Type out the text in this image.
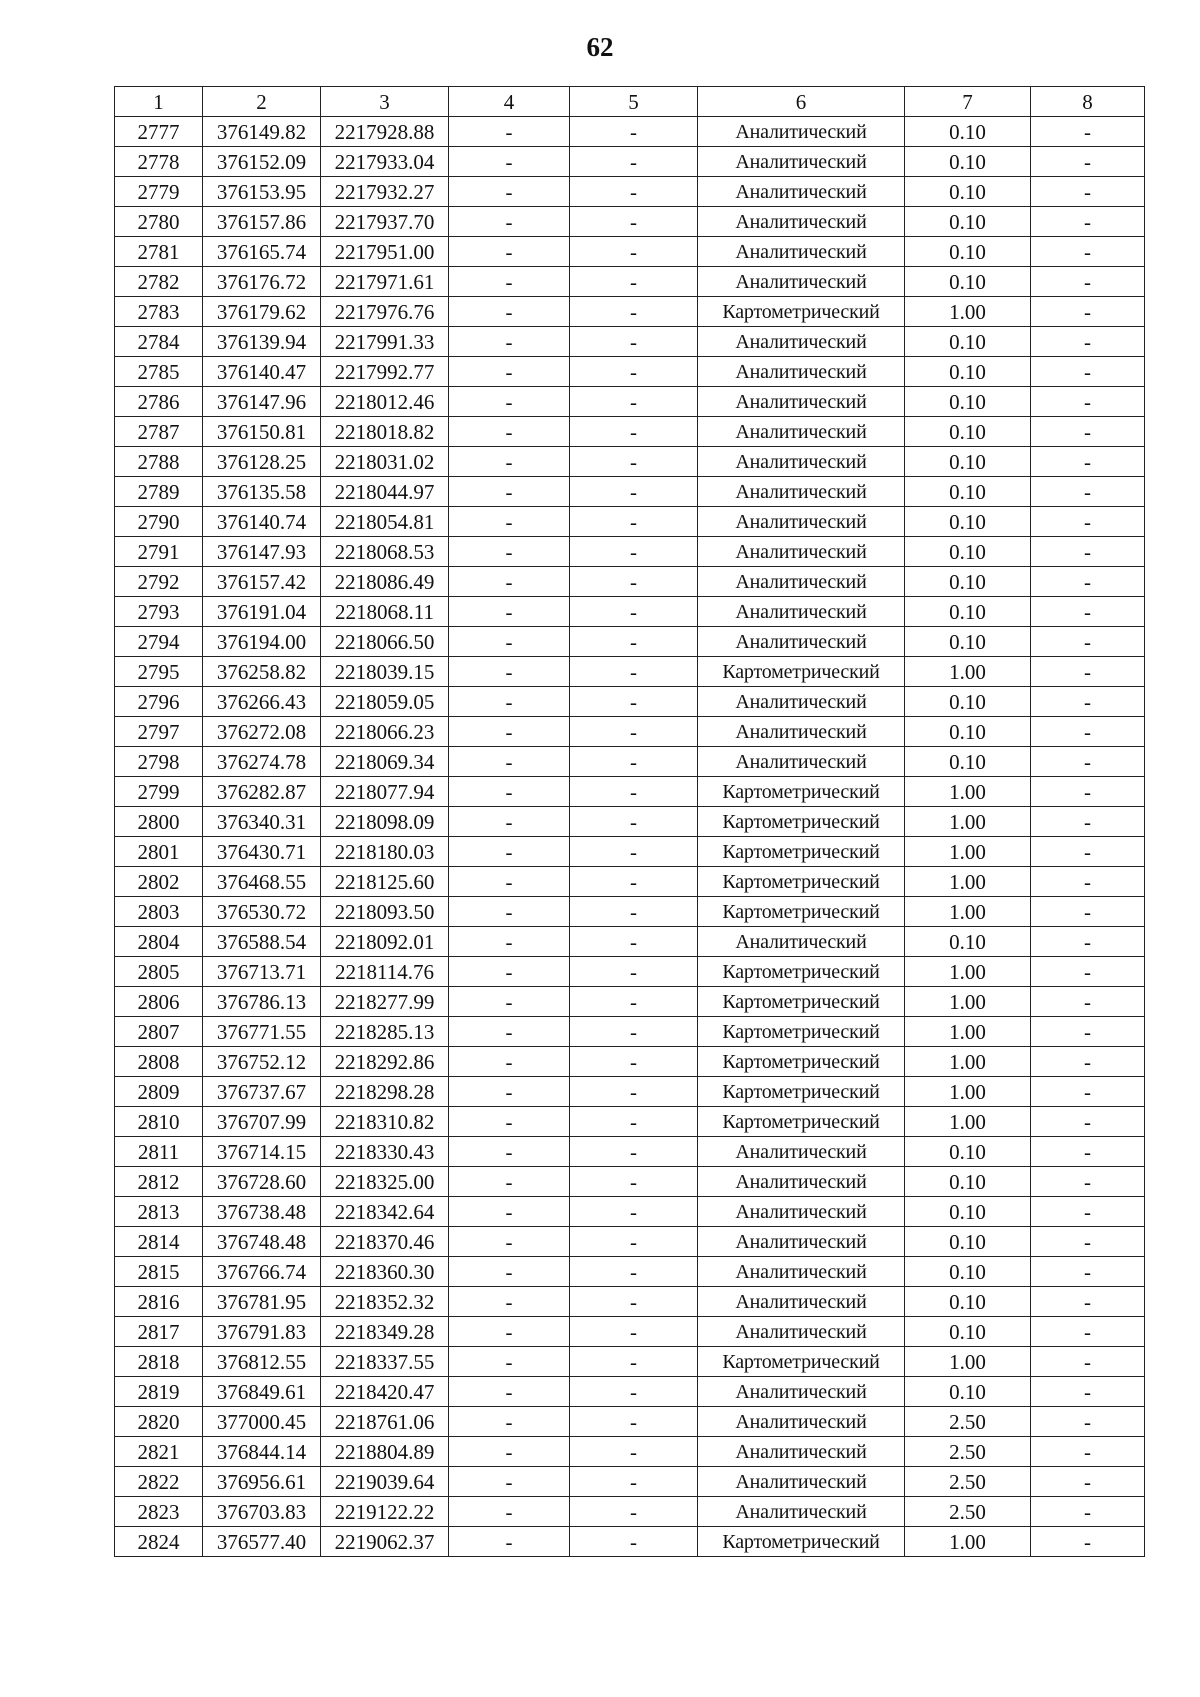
62
1	2	3	4	5	6	7	8
2777	376149.82	2217928.88	-	-	Аналитический	0.10	-
2778	376152.09	2217933.04	-	-	Аналитический	0.10	-
2779	376153.95	2217932.27	-	-	Аналитический	0.10	-
2780	376157.86	2217937.70	-	-	Аналитический	0.10	-
2781	376165.74	2217951.00	-	-	Аналитический	0.10	-
2782	376176.72	2217971.61	-	-	Аналитический	0.10	-
2783	376179.62	2217976.76	-	-	Картометрический	1.00	-
2784	376139.94	2217991.33	-	-	Аналитический	0.10	-
2785	376140.47	2217992.77	-	-	Аналитический	0.10	-
2786	376147.96	2218012.46	-	-	Аналитический	0.10	-
2787	376150.81	2218018.82	-	-	Аналитический	0.10	-
2788	376128.25	2218031.02	-	-	Аналитический	0.10	-
2789	376135.58	2218044.97	-	-	Аналитический	0.10	-
2790	376140.74	2218054.81	-	-	Аналитический	0.10	-
2791	376147.93	2218068.53	-	-	Аналитический	0.10	-
2792	376157.42	2218086.49	-	-	Аналитический	0.10	-
2793	376191.04	2218068.11	-	-	Аналитический	0.10	-
2794	376194.00	2218066.50	-	-	Аналитический	0.10	-
2795	376258.82	2218039.15	-	-	Картометрический	1.00	-
2796	376266.43	2218059.05	-	-	Аналитический	0.10	-
2797	376272.08	2218066.23	-	-	Аналитический	0.10	-
2798	376274.78	2218069.34	-	-	Аналитический	0.10	-
2799	376282.87	2218077.94	-	-	Картометрический	1.00	-
2800	376340.31	2218098.09	-	-	Картометрический	1.00	-
2801	376430.71	2218180.03	-	-	Картометрический	1.00	-
2802	376468.55	2218125.60	-	-	Картометрический	1.00	-
2803	376530.72	2218093.50	-	-	Картометрический	1.00	-
2804	376588.54	2218092.01	-	-	Аналитический	0.10	-
2805	376713.71	2218114.76	-	-	Картометрический	1.00	-
2806	376786.13	2218277.99	-	-	Картометрический	1.00	-
2807	376771.55	2218285.13	-	-	Картометрический	1.00	-
2808	376752.12	2218292.86	-	-	Картометрический	1.00	-
2809	376737.67	2218298.28	-	-	Картометрический	1.00	-
2810	376707.99	2218310.82	-	-	Картометрический	1.00	-
2811	376714.15	2218330.43	-	-	Аналитический	0.10	-
2812	376728.60	2218325.00	-	-	Аналитический	0.10	-
2813	376738.48	2218342.64	-	-	Аналитический	0.10	-
2814	376748.48	2218370.46	-	-	Аналитический	0.10	-
2815	376766.74	2218360.30	-	-	Аналитический	0.10	-
2816	376781.95	2218352.32	-	-	Аналитический	0.10	-
2817	376791.83	2218349.28	-	-	Аналитический	0.10	-
2818	376812.55	2218337.55	-	-	Картометрический	1.00	-
2819	376849.61	2218420.47	-	-	Аналитический	0.10	-
2820	377000.45	2218761.06	-	-	Аналитический	2.50	-
2821	376844.14	2218804.89	-	-	Аналитический	2.50	-
2822	376956.61	2219039.64	-	-	Аналитический	2.50	-
2823	376703.83	2219122.22	-	-	Аналитический	2.50	-
2824	376577.40	2219062.37	-	-	Картометрический	1.00	-
